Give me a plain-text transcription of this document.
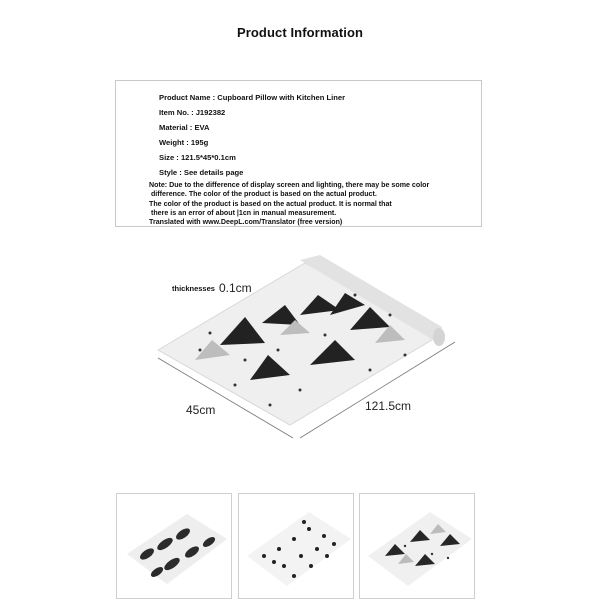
Product Information
Product Name : Cupboard Pillow with Kitchen Liner
Item No. : J192382
Material : EVA
Weight : 195g
Size : 121.5*45*0.1cm
Style : See details page
Note: Due to the difference of display screen and lighting, there may be some color
difference. The color of the product is based on the actual product.
The color of the product is based on the actual product. It is normal that
there is an error of about |1cn in manual measurement.
Translated with www.DeepL.com/Translator (free version)
thicknesses 0.1cm
45cm	121.5cm
